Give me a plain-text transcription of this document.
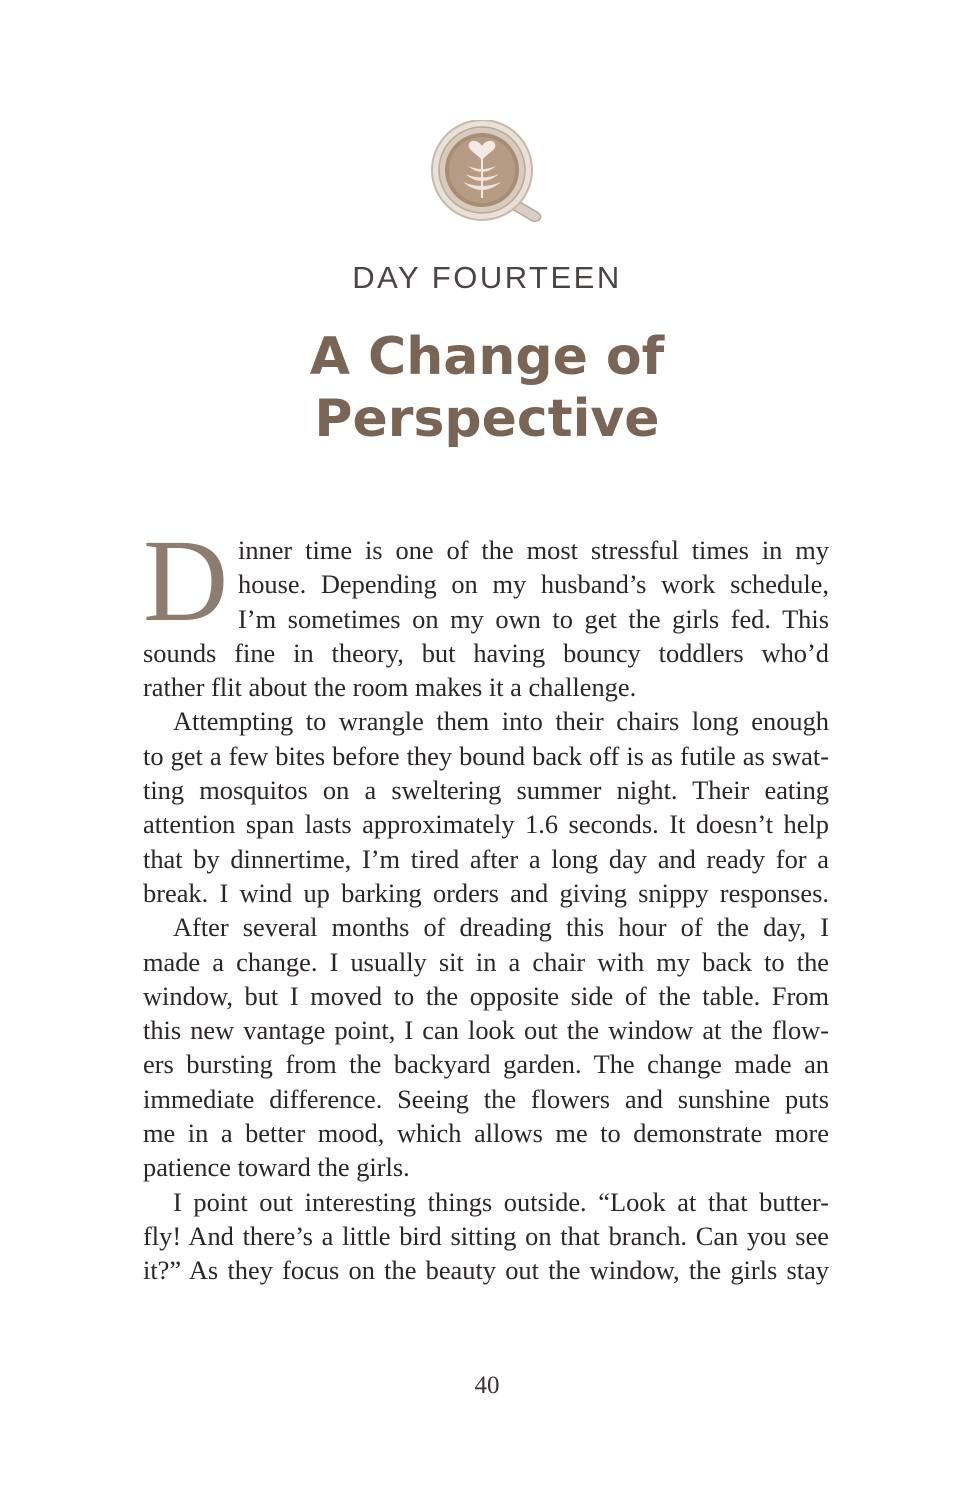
DAY FOURTEEN
A Change of
Perspective

D inner time is one of the most stressful times in my
house. Depending on my husband’s work schedule,
I’m sometimes on my own to get the girls fed. This
sounds fine in theory, but having bouncy toddlers who’d
rather flit about the room makes it a challenge.

Attempting to wrangle them into their chairs long enough
to get a few bites before they bound back off is as futile as swat-
ting mosquitos on a sweltering summer night. Their eating
attention span lasts approximately 1.6 seconds. It doesn’t help
that by dinnertime, I’m tired after a long day and ready for a
break. I wind up barking orders and giving snippy responses.

After several months of dreading this hour of the day, I
made a change. I usually sit in a chair with my back to the
window, but I moved to the opposite side of the table. From
this new vantage point, I can look out the window at the flow-
ers bursting from the backyard garden. The change made an
immediate difference. Seeing the flowers and sunshine puts
me in a better mood, which allows me to demonstrate more
patience toward the girls.

I point out interesting things outside. “Look at that butter-
fly! And there’s a little bird sitting on that branch. Can you see
it?” As they focus on the beauty out the window, the girls stay

40
